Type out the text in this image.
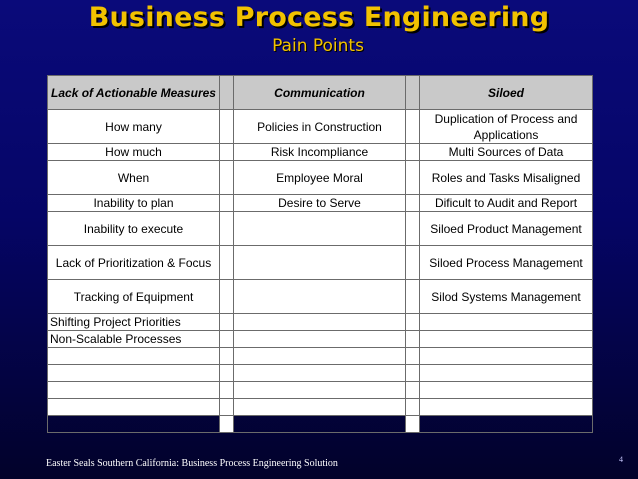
Business Process Engineering
Pain Points
Lack of Actionable Measures		Communication		Siloed
How many		Policies in Construction		Duplication of Process and Applications
How much		Risk Incompliance		Multi Sources of Data
When		Employee Moral		Roles and Tasks Misaligned
Inability to plan		Desire to Serve		Dificult to Audit and Report
Inability to execute				Siloed Product Management
Lack of Prioritization & Focus				Siloed Process Management
Tracking of Equipment				Silod Systems Management
Shifting Project Priorities				
Non-Scalable Processes				

Easter Seals Southern California: Business Process Engineering Solution	4
